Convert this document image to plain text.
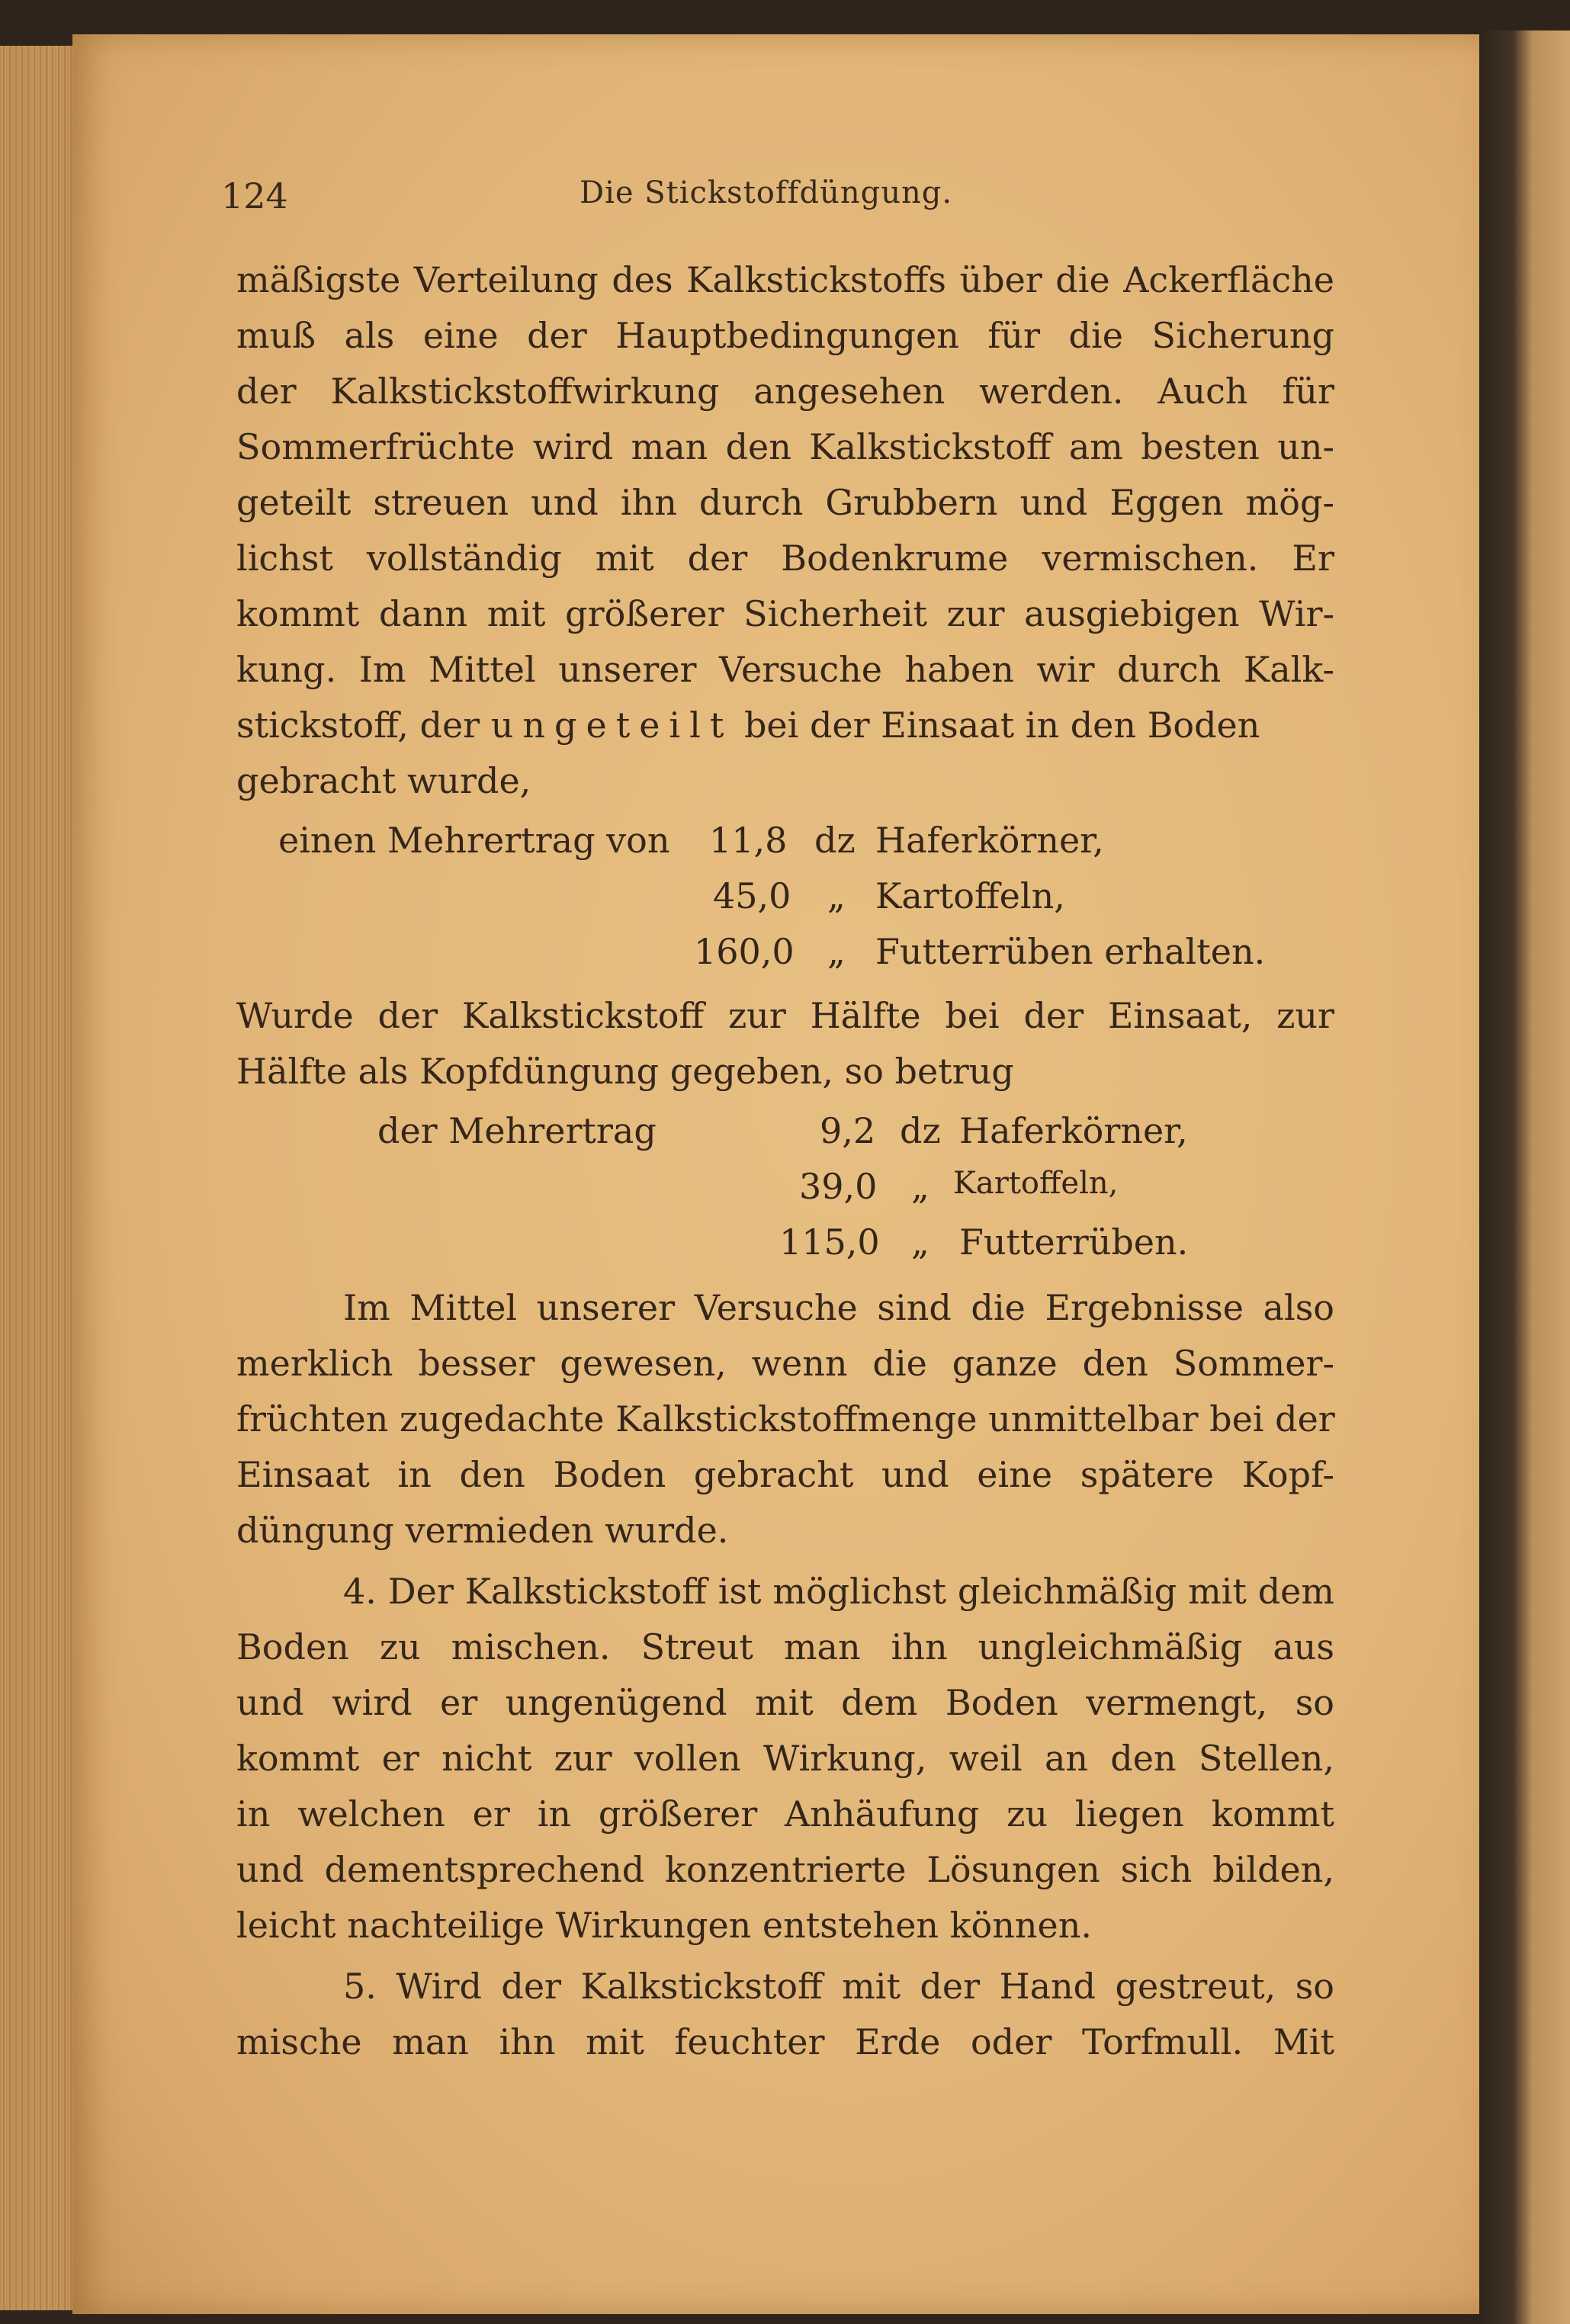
124	Die Stickstoffdüngung.
mäßigste Verteilung des Kalkstickstoffs über die Ackerfläche
muß als eine der Hauptbedingungen für die Sicherung
der Kalkstickstoffwirkung angesehen werden. Auch für
Sommerfrüchte wird man den Kalkstickstoff am besten un-
geteilt streuen und ihn durch Grubbern und Eggen mög-
lichst vollständig mit der Bodenkrume vermischen. Er
kommt dann mit größerer Sicherheit zur ausgiebigen Wir-
kung. Im Mittel unserer Versuche haben wir durch Kalk-
stickstoff, der ungeteilt bei der Einsaat in den Boden
gebracht wurde,
einen Mehrertrag von 11,8 dz Haferkörner,
45,0 „ Kartoffeln,
160,0 „ Futterrüben erhalten.
Wurde der Kalkstickstoff zur Hälfte bei der Einsaat, zur
Hälfte als Kopfdüngung gegeben, so betrug
der Mehrertrag	9,2 dz Haferkörner,
39,0 „ Kartoffeln,
115,0 „ Futterrüben.
Im Mittel unserer Versuche sind die Ergebnisse also
merklich besser gewesen, wenn die ganze den Sommer-
früchten zugedachte Kalkstickstoffmenge unmittelbar bei der
Einsaat in den Boden gebracht und eine spätere Kopf-
düngung vermieden wurde.
4. Der Kalkstickstoff ist möglichst gleichmäßig mit dem
Boden zu mischen. Streut man ihn ungleichmäßig aus
und wird er ungenügend mit dem Boden vermengt, so
kommt er nicht zur vollen Wirkung, weil an den Stellen,
in welchen er in größerer Anhäufung zu liegen kommt
und dementsprechend konzentrierte Lösungen sich bilden,
leicht nachteilige Wirkungen entstehen können.
5. Wird der Kalkstickstoff mit der Hand gestreut, so
mische man ihn mit feuchter Erde oder Torfmull. Mit
